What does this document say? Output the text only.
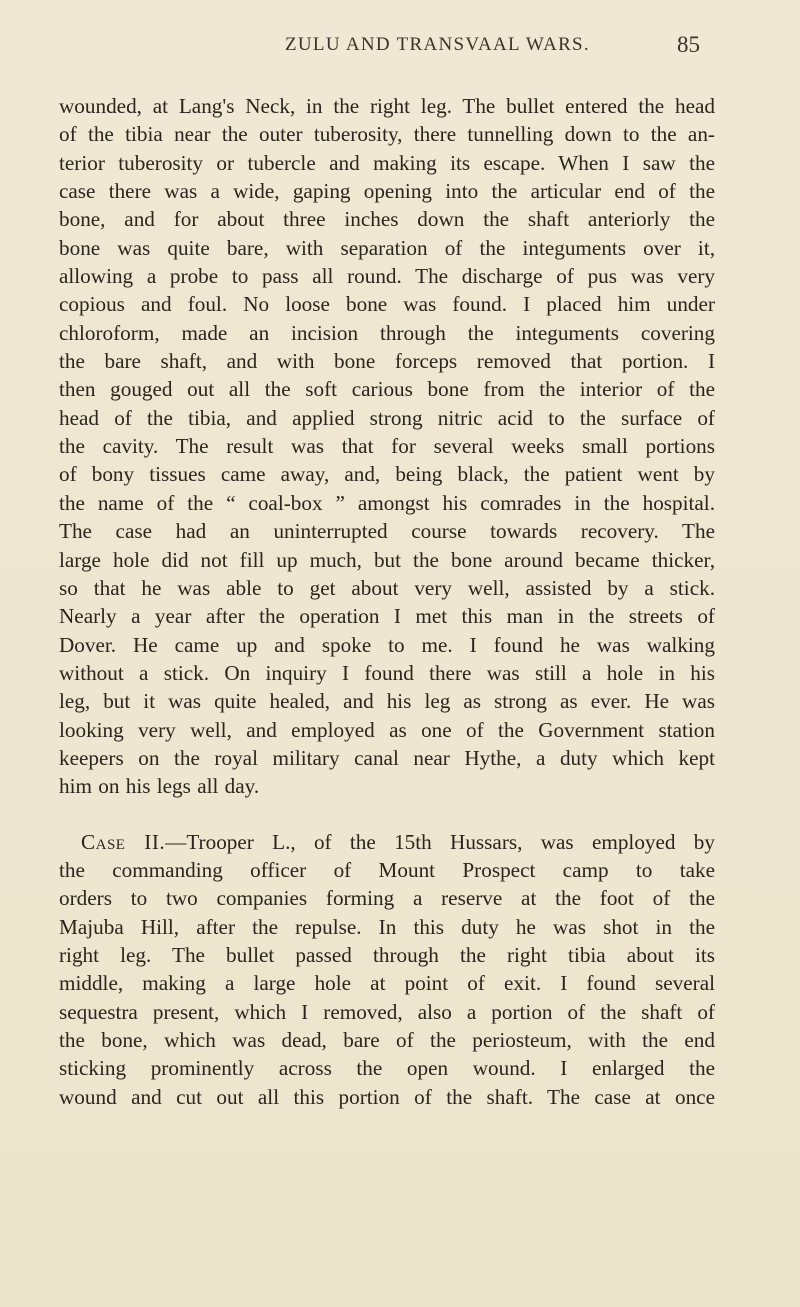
ZULU AND TRANSVAAL WARS.	85
wounded, at Lang's Neck, in the right leg. The bullet entered the head
of the tibia near the outer tuberosity, there tunnelling down to the an-
terior tuberosity or tubercle and making its escape. When I saw the
case there was a wide, gaping opening into the articular end of the
bone, and for about three inches down the shaft anteriorly the
bone was quite bare, with separation of the integuments over it,
allowing a probe to pass all round. The discharge of pus was very
copious and foul. No loose bone was found. I placed him under
chloroform, made an incision through the integuments covering
the bare shaft, and with bone forceps removed that portion. I
then gouged out all the soft carious bone from the interior of the
head of the tibia, and applied strong nitric acid to the surface of
the cavity. The result was that for several weeks small portions
of bony tissues came away, and, being black, the patient went by
the name of the “ coal-box ” amongst his comrades in the hospital.
The case had an uninterrupted course towards recovery. The
large hole did not fill up much, but the bone around became thicker,
so that he was able to get about very well, assisted by a stick.
Nearly a year after the operation I met this man in the streets of
Dover. He came up and spoke to me. I found he was walking
without a stick. On inquiry I found there was still a hole in his
leg, but it was quite healed, and his leg as strong as ever. He was
looking very well, and employed as one of the Government station
keepers on the royal military canal near Hythe, a duty which kept
him on his legs all day.
Case II.—Trooper L., of the 15th Hussars, was employed by
the commanding officer of Mount Prospect camp to take
orders to two companies forming a reserve at the foot of the
Majuba Hill, after the repulse. In this duty he was shot in the
right leg. The bullet passed through the right tibia about its
middle, making a large hole at point of exit. I found several
sequestra present, which I removed, also a portion of the shaft of
the bone, which was dead, bare of the periosteum, with the end
sticking prominently across the open wound. I enlarged the
wound and cut out all this portion of the shaft. The case at once
